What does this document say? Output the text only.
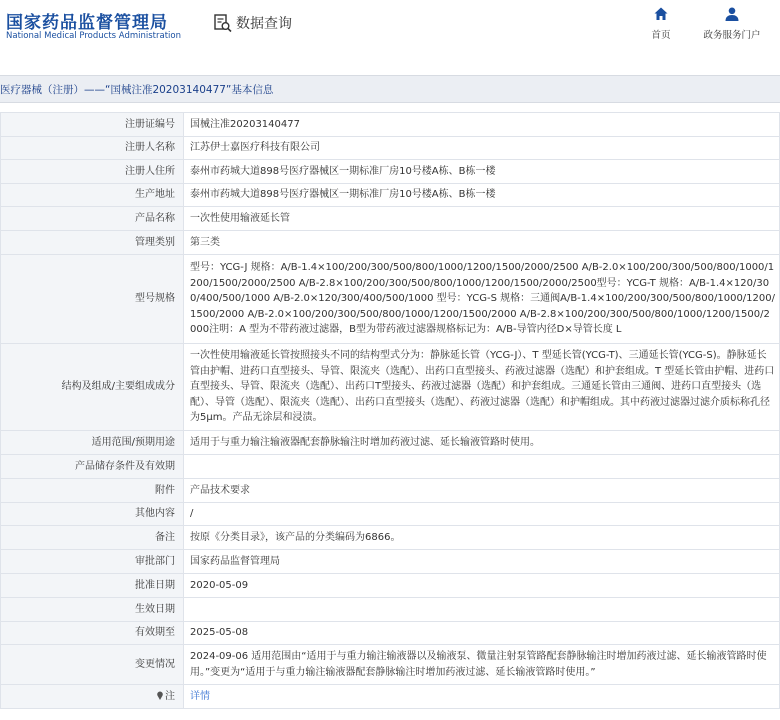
国家药品监督管理局
National Medical Products Administration
数据查询
首页	政务服务门户
医疗器械（注册）——“国械注准20203140477”基本信息
注册证编号	国械注准20203140477
注册人名称	江苏伊士嘉医疗科技有限公司
注册人住所	泰州市药城大道898号医疗器械区一期标准厂房10号楼A栋、B栋一楼
生产地址	泰州市药城大道898号医疗器械区一期标准厂房10号楼A栋、B栋一楼
产品名称	一次性使用输液延长管
管理类别	第三类
型号规格	型号：YCG-J 规格：A/B-1.4×100/200/300/500/800/1000/1200/1500/2000/2500 A/B-2.0×100/200/300/500/800/1000/1200/1500/2000/2500 A/B-2.8×100/200/300/500/800/1000/1200/1500/2000/2500型号：YCG-T 规格：A/B-1.4×120/300/400/500/1000 A/B-2.0×120/300/400/500/1000 型号：YCG-S 规格：三通阀A/B-1.4×100/200/300/500/800/1000/1200/1500/2000 A/B-2.0×100/200/300/500/800/1000/1200/1500/2000 A/B-2.8×100/200/300/500/800/1000/1200/1500/2000注明：A 型为不带药液过滤器，B型为带药液过滤器规格标记为：A/B-导管内径D×导管长度 L
结构及组成/主要组成成分	一次性使用输液延长管按照接头不同的结构型式分为：静脉延长管（YCG-J）、T 型延长管(YCG-T)、三通延长管(YCG-S)。静脉延长管由护帽、进药口直型接头、导管、限流夹（选配）、出药口直型接头、药液过滤器（选配）和护套组成。T 型延长管由护帽、进药口直型接头、导管、限流夹（选配）、出药口T型接头、药液过滤器（选配）和护套组成。三通延长管由三通阀、进药口直型接头（选配）、导管（选配）、限流夹（选配）、出药口直型接头（选配）、药液过滤器（选配）和护帽组成。其中药液过滤器过滤介质标称孔径为5μm。产品无涂层和浸渍。
适用范围/预期用途	适用于与重力输注输液器配套静脉输注时增加药液过滤、延长输液管路时使用。
产品储存条件及有效期	
附件	产品技术要求
其他内容	/
备注	按原《分类目录》，该产品的分类编码为6866。
审批部门	国家药品监督管理局
批准日期	2020-05-09
生效日期	
有效期至	2025-05-08
变更情况	2024-09-06 适用范围由“适用于与重力输注输液器以及输液泵、微量注射泵管路配套静脉输注时增加药液过滤、延长输液管路时使用。”变更为“适用于与重力输注输液器配套静脉输注时增加药液过滤、延长输液管路时使用。”
注	详情
